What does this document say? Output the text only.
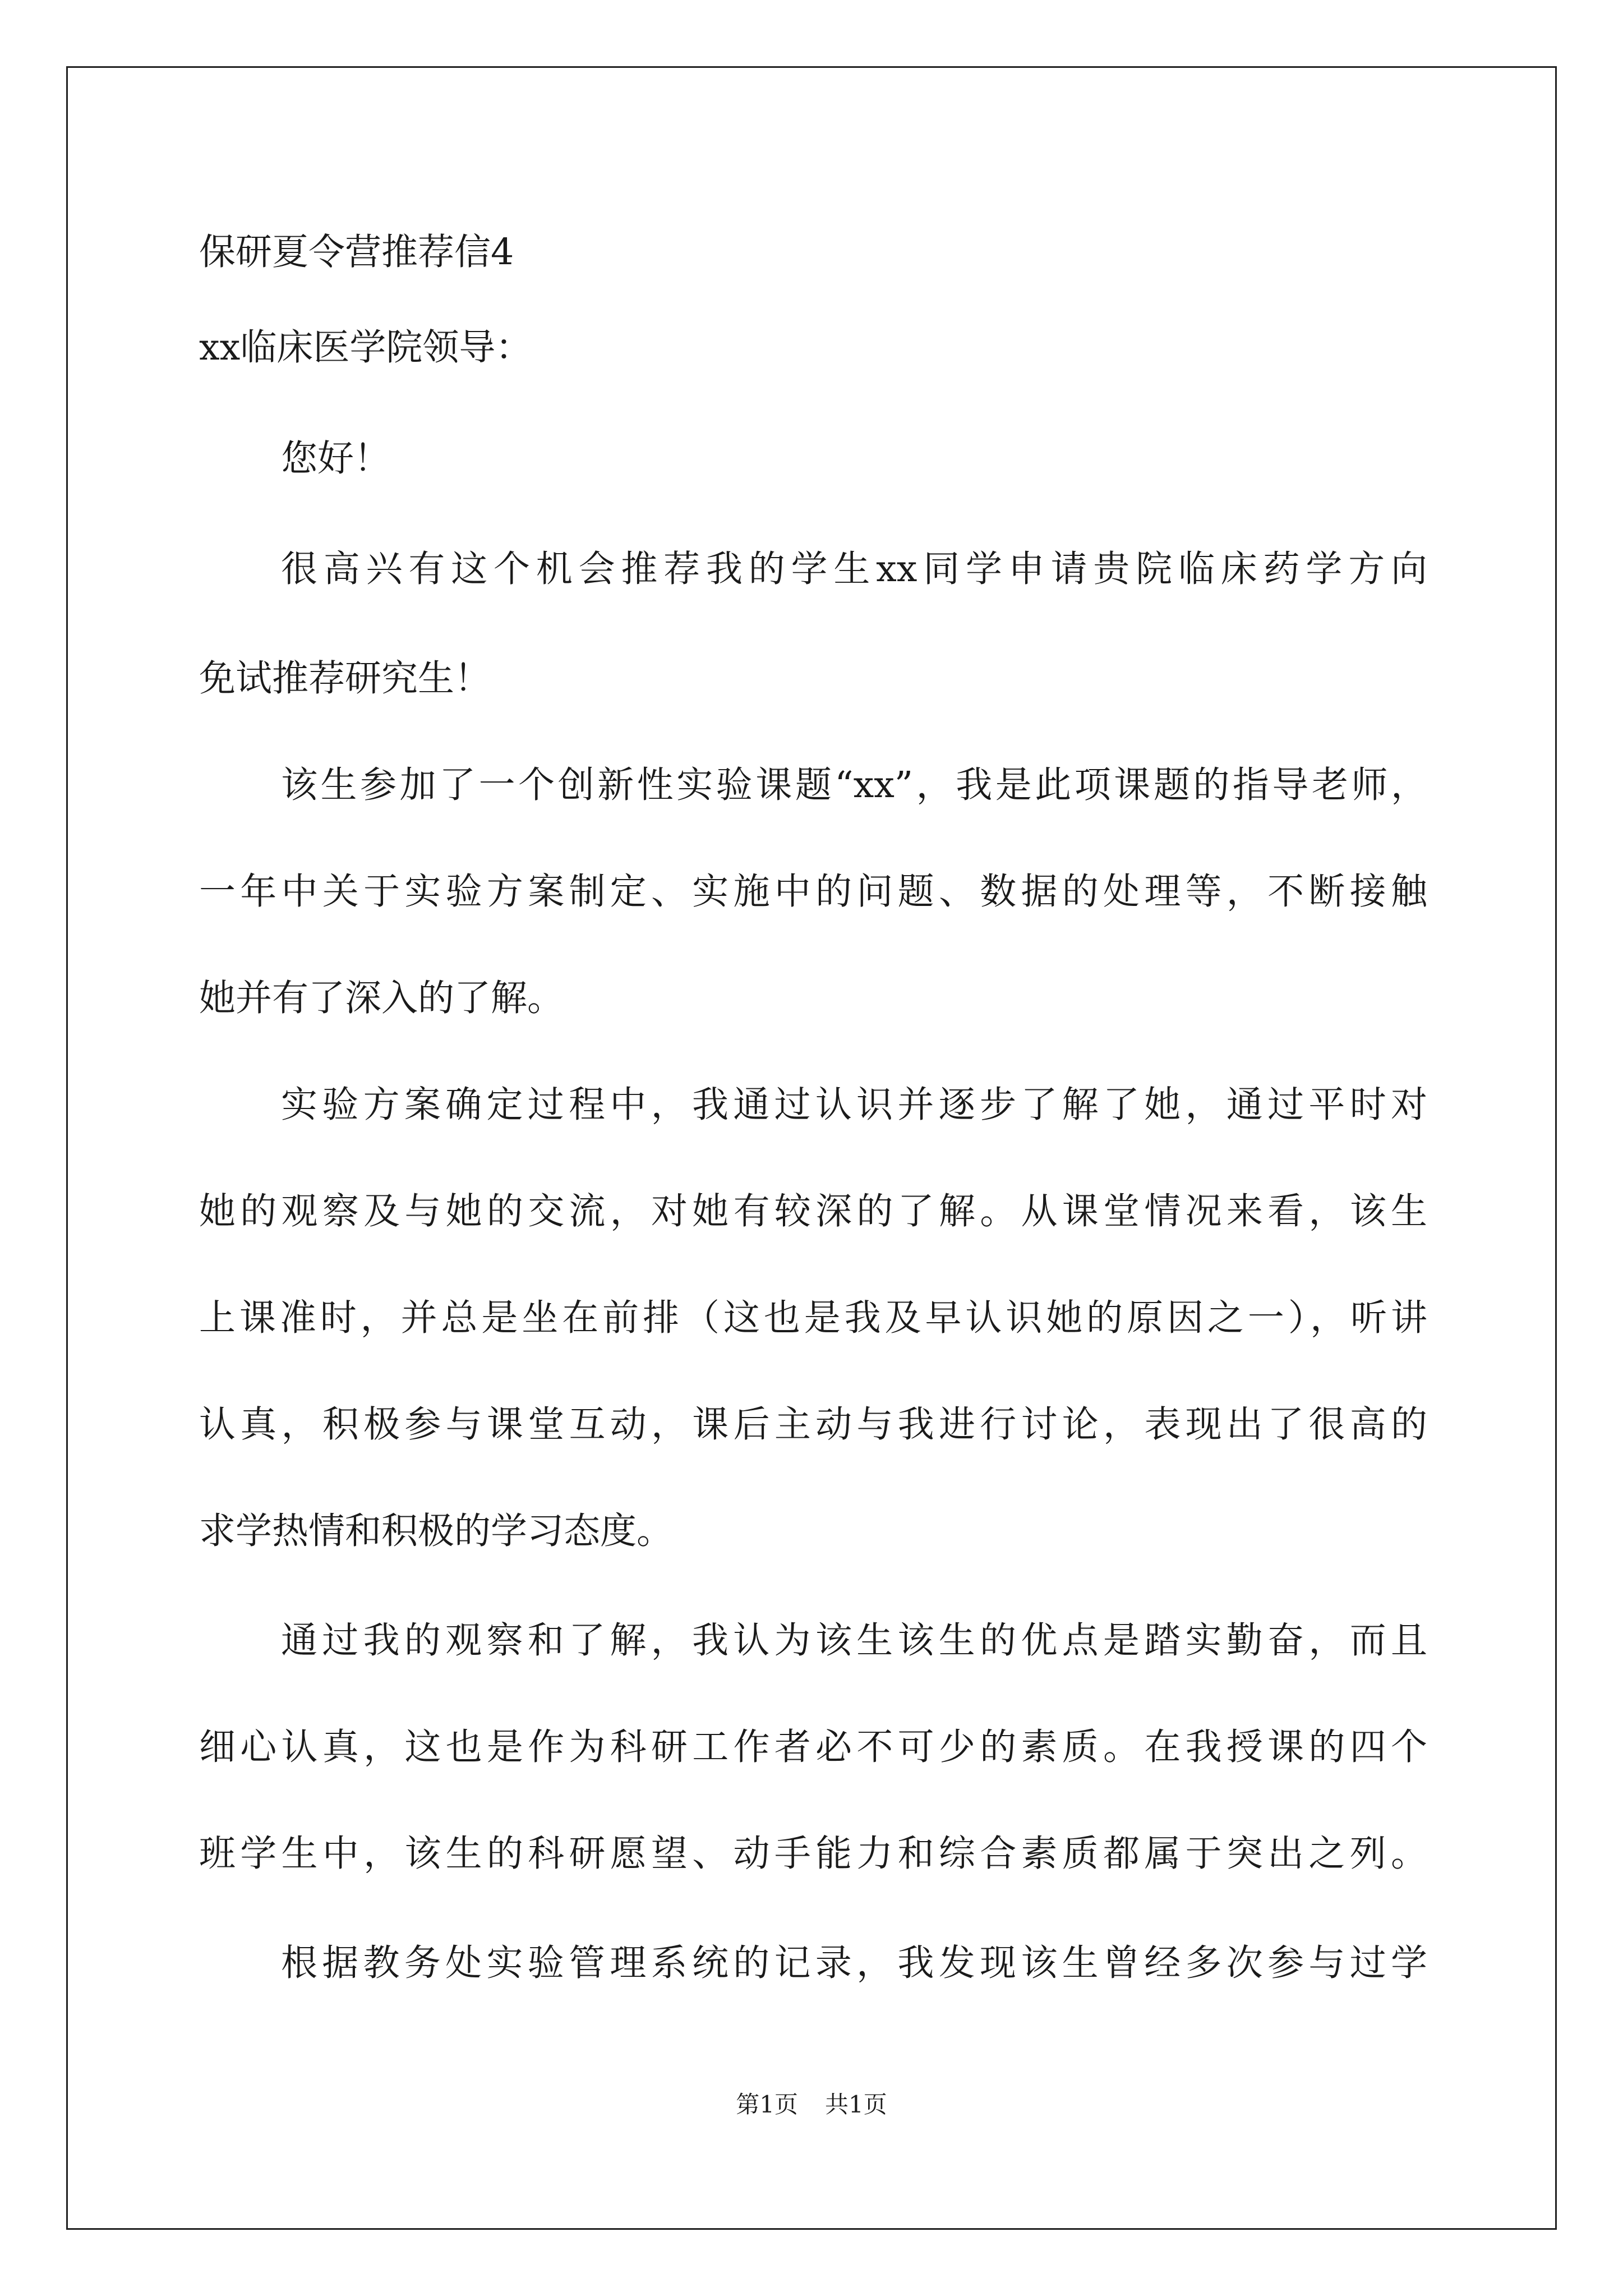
保研夏令营推荐信4
xx临床医学院领导：
您好！
很高兴有这个机会推荐我的学生xx同学申请贵院临床药学方向
免试推荐研究生！
该生参加了一个创新性实验课题“xx”，我是此项课题的指导老师，
一年中关于实验方案制定、实施中的问题、数据的处理等，不断接触
她并有了深入的了解。
实验方案确定过程中，我通过认识并逐步了解了她，通过平时对
她的观察及与她的交流，对她有较深的了解。从课堂情况来看，该生
上课准时，并总是坐在前排（这也是我及早认识她的原因之一），听讲
认真，积极参与课堂互动，课后主动与我进行讨论，表现出了很高的
求学热情和积极的学习态度。
通过我的观察和了解，我认为该生该生的优点是踏实勤奋，而且
细心认真，这也是作为科研工作者必不可少的素质。在我授课的四个
班学生中，该生的科研愿望、动手能力和综合素质都属于突出之列。
根据教务处实验管理系统的记录，我发现该生曾经多次参与过学
第1页 共1页
